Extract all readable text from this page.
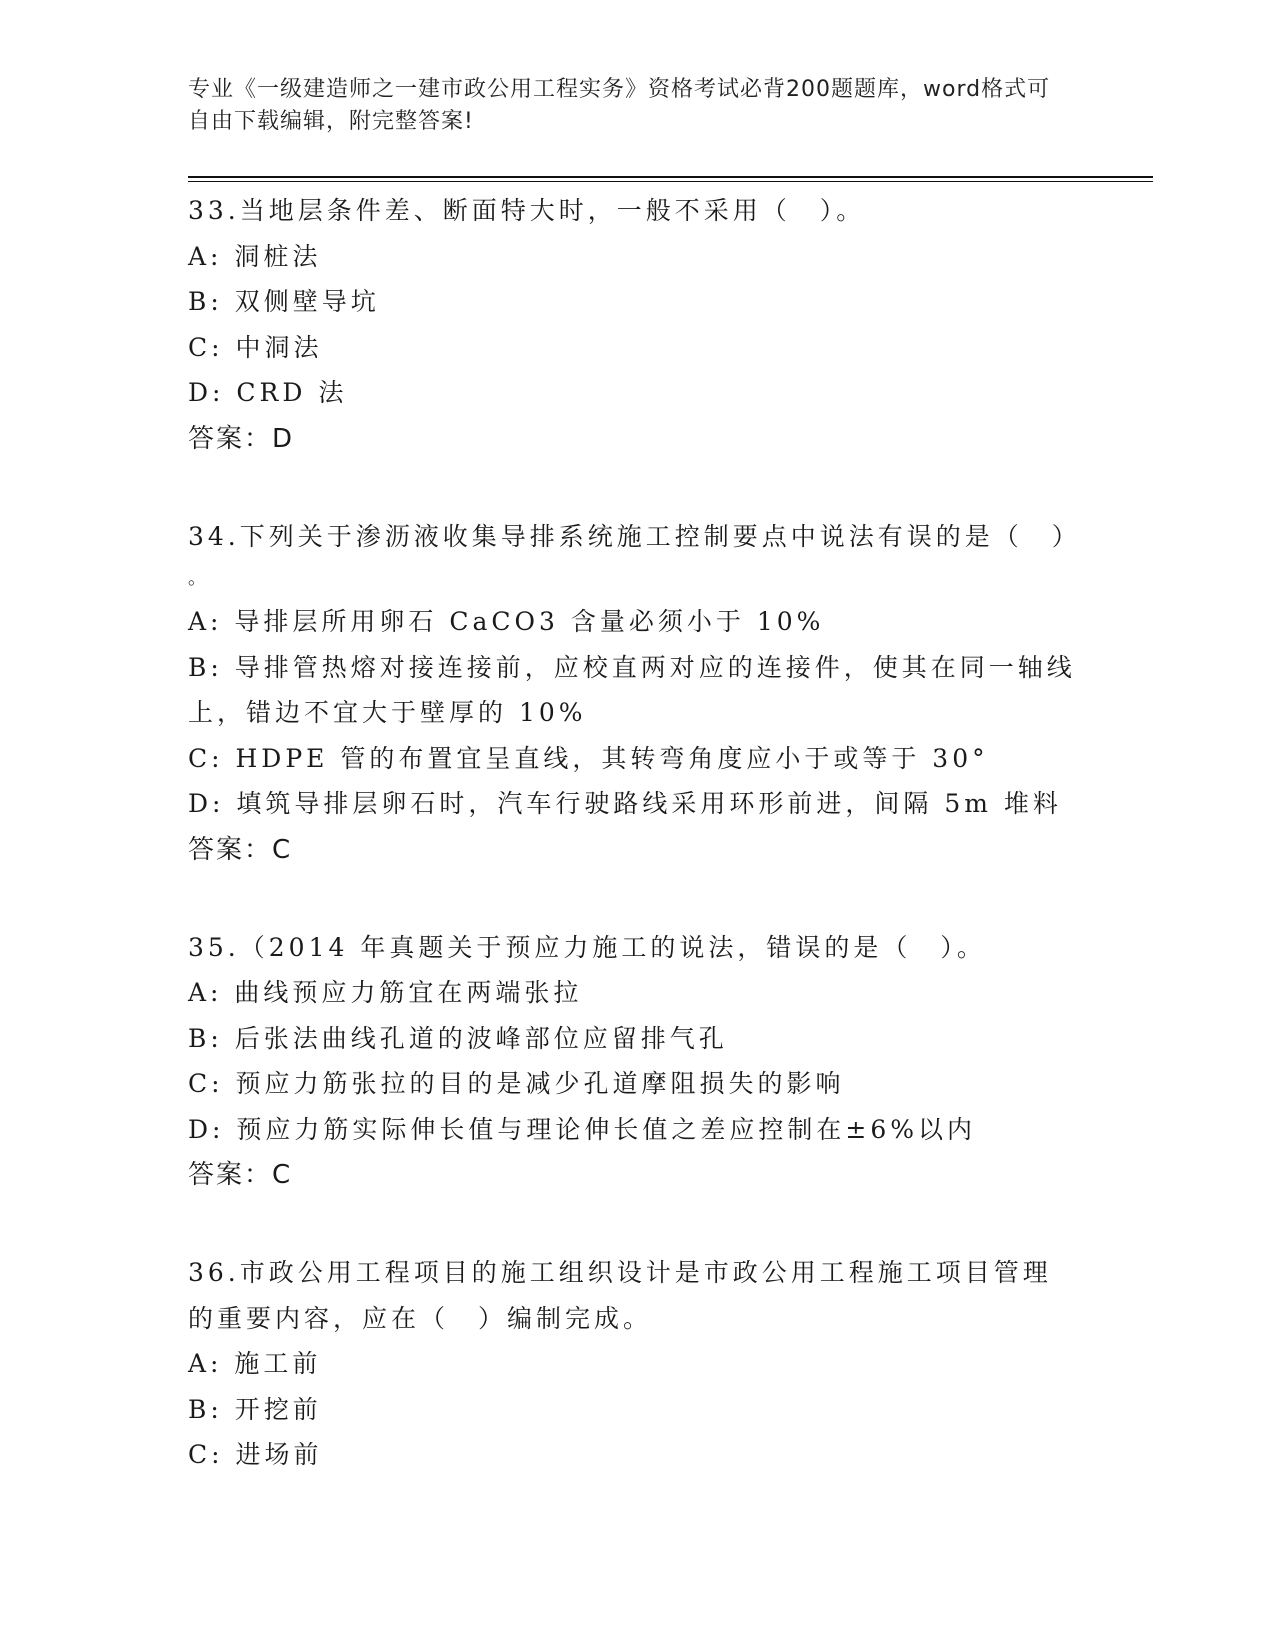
专业《一级建造师之一建市政公用工程实务》资格考试必背200题题库，word格式可自由下载编辑，附完整答案!
33.当地层条件差、断面特大时，一般不采用（　）。
A: 洞桩法
B: 双侧壁导坑
C: 中洞法
D: CRD 法
答案：D
34.下列关于渗沥液收集导排系统施工控制要点中说法有误的是（　）
。
A: 导排层所用卵石 CaCO3 含量必须小于 10%
B: 导排管热熔对接连接前，应校直两对应的连接件，使其在同一轴线上，错边不宜大于壁厚的 10%
C: HDPE 管的布置宜呈直线，其转弯角度应小于或等于 30°
D: 填筑导排层卵石时，汽车行驶路线采用环形前进，间隔 5m 堆料
答案：C
35.（2014 年真题关于预应力施工的说法，错误的是（　）。
A: 曲线预应力筋宜在两端张拉
B: 后张法曲线孔道的波峰部位应留排气孔
C: 预应力筋张拉的目的是减少孔道摩阻损失的影响
D: 预应力筋实际伸长值与理论伸长值之差应控制在±6%以内
答案：C
36.市政公用工程项目的施工组织设计是市政公用工程施工项目管理的重要内容，应在（　）编制完成。
A: 施工前
B: 开挖前
C: 进场前
